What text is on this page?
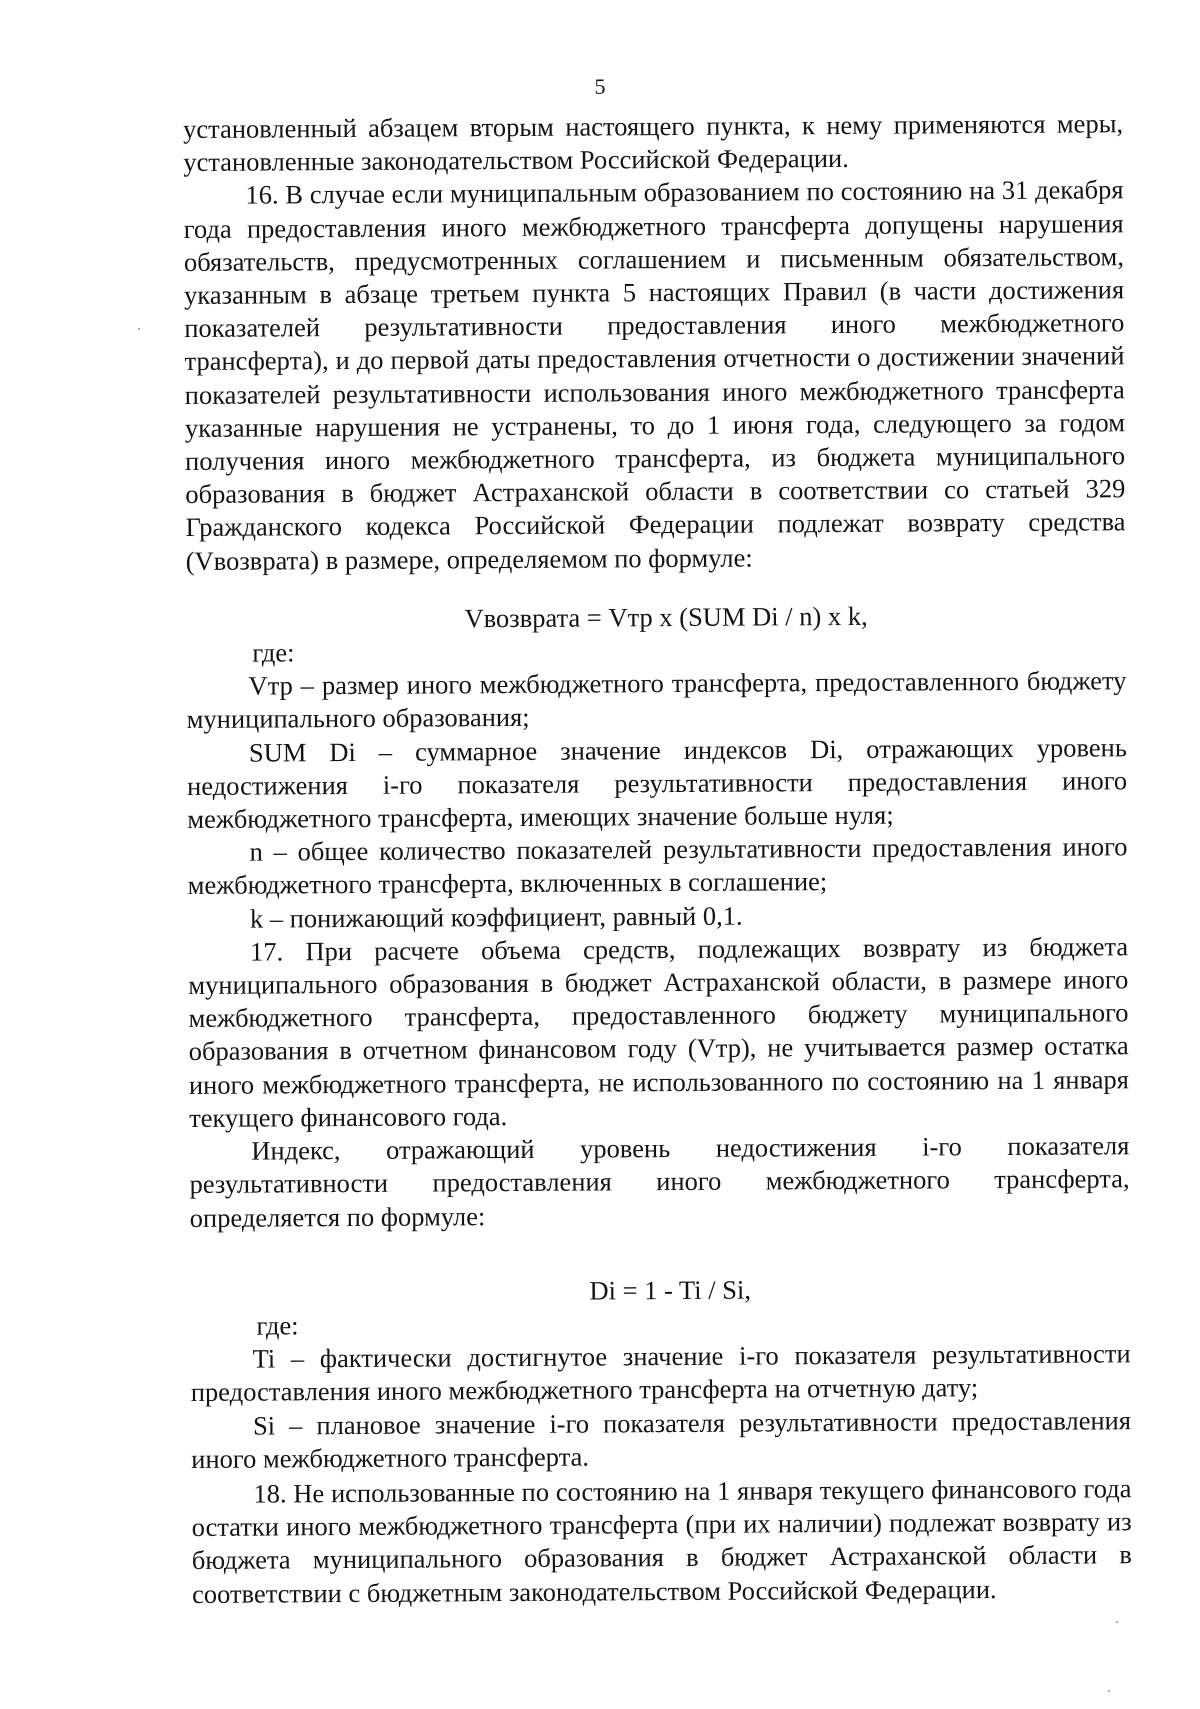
5

установленный абзацем вторым настоящего пункта, к нему применяются меры, установленные законодательством Российской Федерации.

16. В случае если муниципальным образованием по состоянию на 31 декабря года предоставления иного межбюджетного трансферта допущены нарушения обязательств, предусмотренных соглашением и письменным обязательством, указанным в абзаце третьем пункта 5 настоящих Правил (в части достижения показателей результативности предоставления иного межбюджетного трансферта), и до первой даты предоставления отчетности о достижении значений показателей результативности использования иного межбюджетного трансферта указанные нарушения не устранены, то до 1 июня года, следующего за годом получения иного межбюджетного трансферта, из бюджета муниципального образования в бюджет Астраханской области в соответствии со статьей 329 Гражданского кодекса Российской Федерации подлежат возврату средства (Vвозврата) в размере, определяемом по формуле:

Vвозврата = Vтр x (SUM Di / n) x k,

где:

Vтр – размер иного межбюджетного трансферта, предоставленного бюджету муниципального образования;

SUM Di – суммарное значение индексов Di, отражающих уровень недостижения i-го показателя результативности предоставления иного межбюджетного трансферта, имеющих значение больше нуля;

n – общее количество показателей результативности предоставления иного межбюджетного трансферта, включенных в соглашение;

k – понижающий коэффициент, равный 0,1.

17. При расчете объема средств, подлежащих возврату из бюджета муниципального образования в бюджет Астраханской области, в размере иного межбюджетного трансферта, предоставленного бюджету муниципального образования в отчетном финансовом году (Vтр), не учитывается размер остатка иного межбюджетного трансферта, не использованного по состоянию на 1 января текущего финансового года.

Индекс, отражающий уровень недостижения i-го показателя результативности предоставления иного межбюджетного трансферта, определяется по формуле:

Di = 1 - Ti / Si,

где:

Ti – фактически достигнутое значение i-го показателя результативности предоставления иного межбюджетного трансферта на отчетную дату;

Si – плановое значение i-го показателя результативности предоставления иного межбюджетного трансферта.

18. Не использованные по состоянию на 1 января текущего финансового года остатки иного межбюджетного трансферта (при их наличии) подлежат возврату из бюджета муниципального образования в бюджет Астраханской области в соответствии с бюджетным законодательством Российской Федерации.
